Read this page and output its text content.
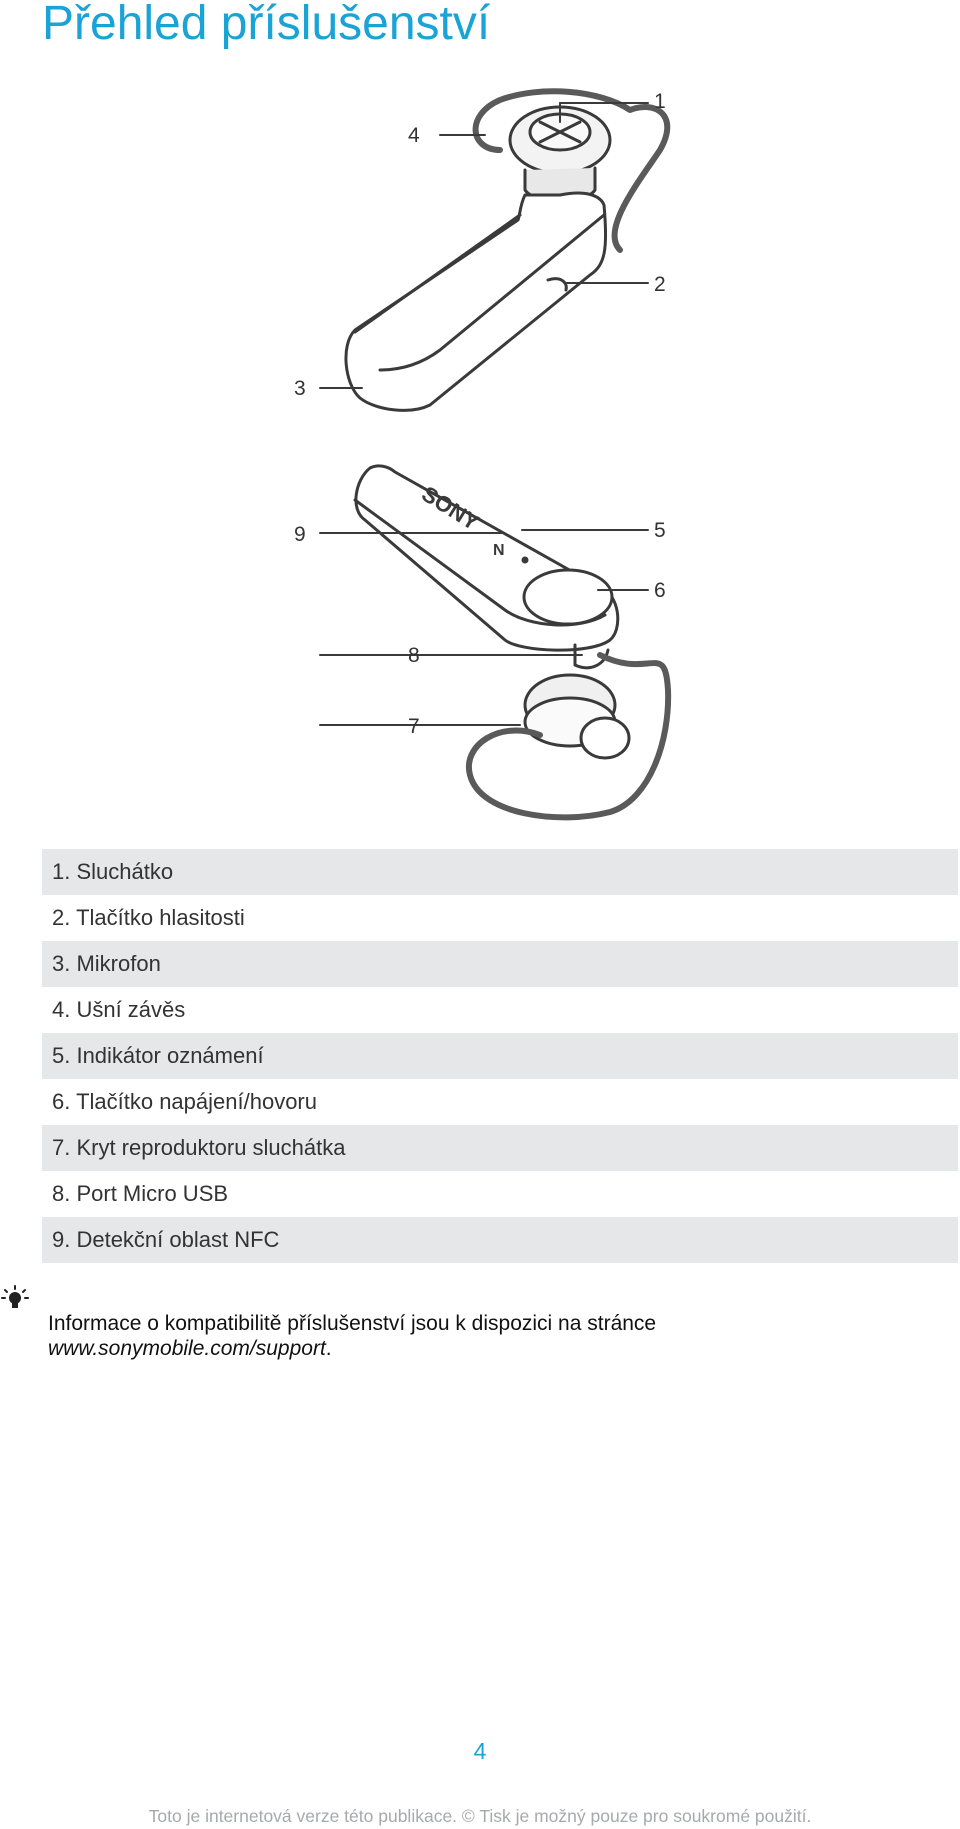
Přehled příslušenství
SONY
N
1
2
3
4
5
6
7
8
9
1. Sluchátko
2. Tlačítko hlasitosti
3. Mikrofon
4. Ušní závěs
5. Indikátor oznámení
6. Tlačítko napájení/hovoru
7. Kryt reproduktoru sluchátka
8. Port Micro USB
9. Detekční oblast NFC

Informace o kompatibilitě příslušenství jsou k dispozici na stránce
www.sonymobile.com/support.

4
Toto je internetová verze této publikace. © Tisk je možný pouze pro soukromé použití.
